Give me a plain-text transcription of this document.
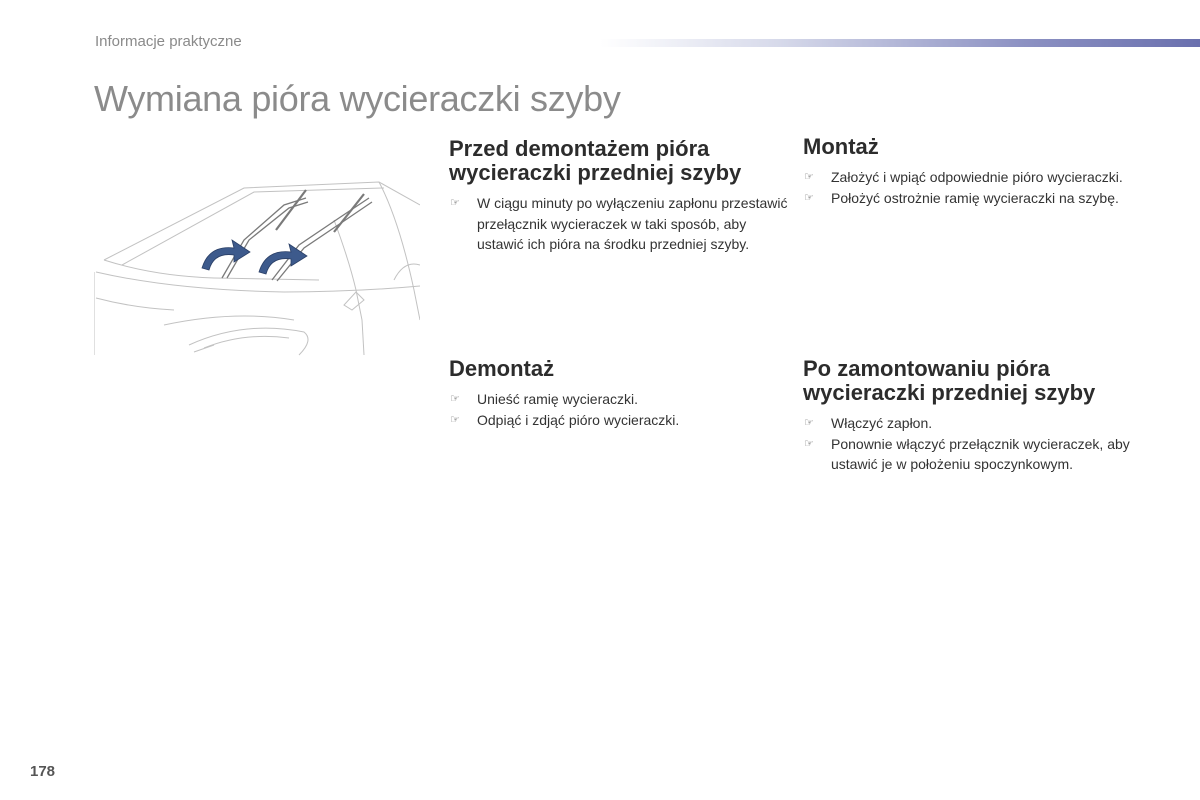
Informacje praktyczne
Wymiana pióra wycieraczki szyby
Przed demontażem pióra wycieraczki przedniej szyby
☞ W ciągu minuty po wyłączeniu zapłonu przestawić przełącznik wycieraczek w taki sposób, aby ustawić ich pióra na środku przedniej szyby.
Demontaż
☞ Unieść ramię wycieraczki.
☞ Odpiąć i zdjąć pióro wycieraczki.
Montaż
☞ Założyć i wpiąć odpowiednie pióro wycieraczki.
☞ Położyć ostrożnie ramię wycieraczki na szybę.
Po zamontowaniu pióra wycieraczki przedniej szyby
☞ Włączyć zapłon.
☞ Ponownie włączyć przełącznik wycieraczek, aby ustawić je w położeniu spoczynkowym.
178
